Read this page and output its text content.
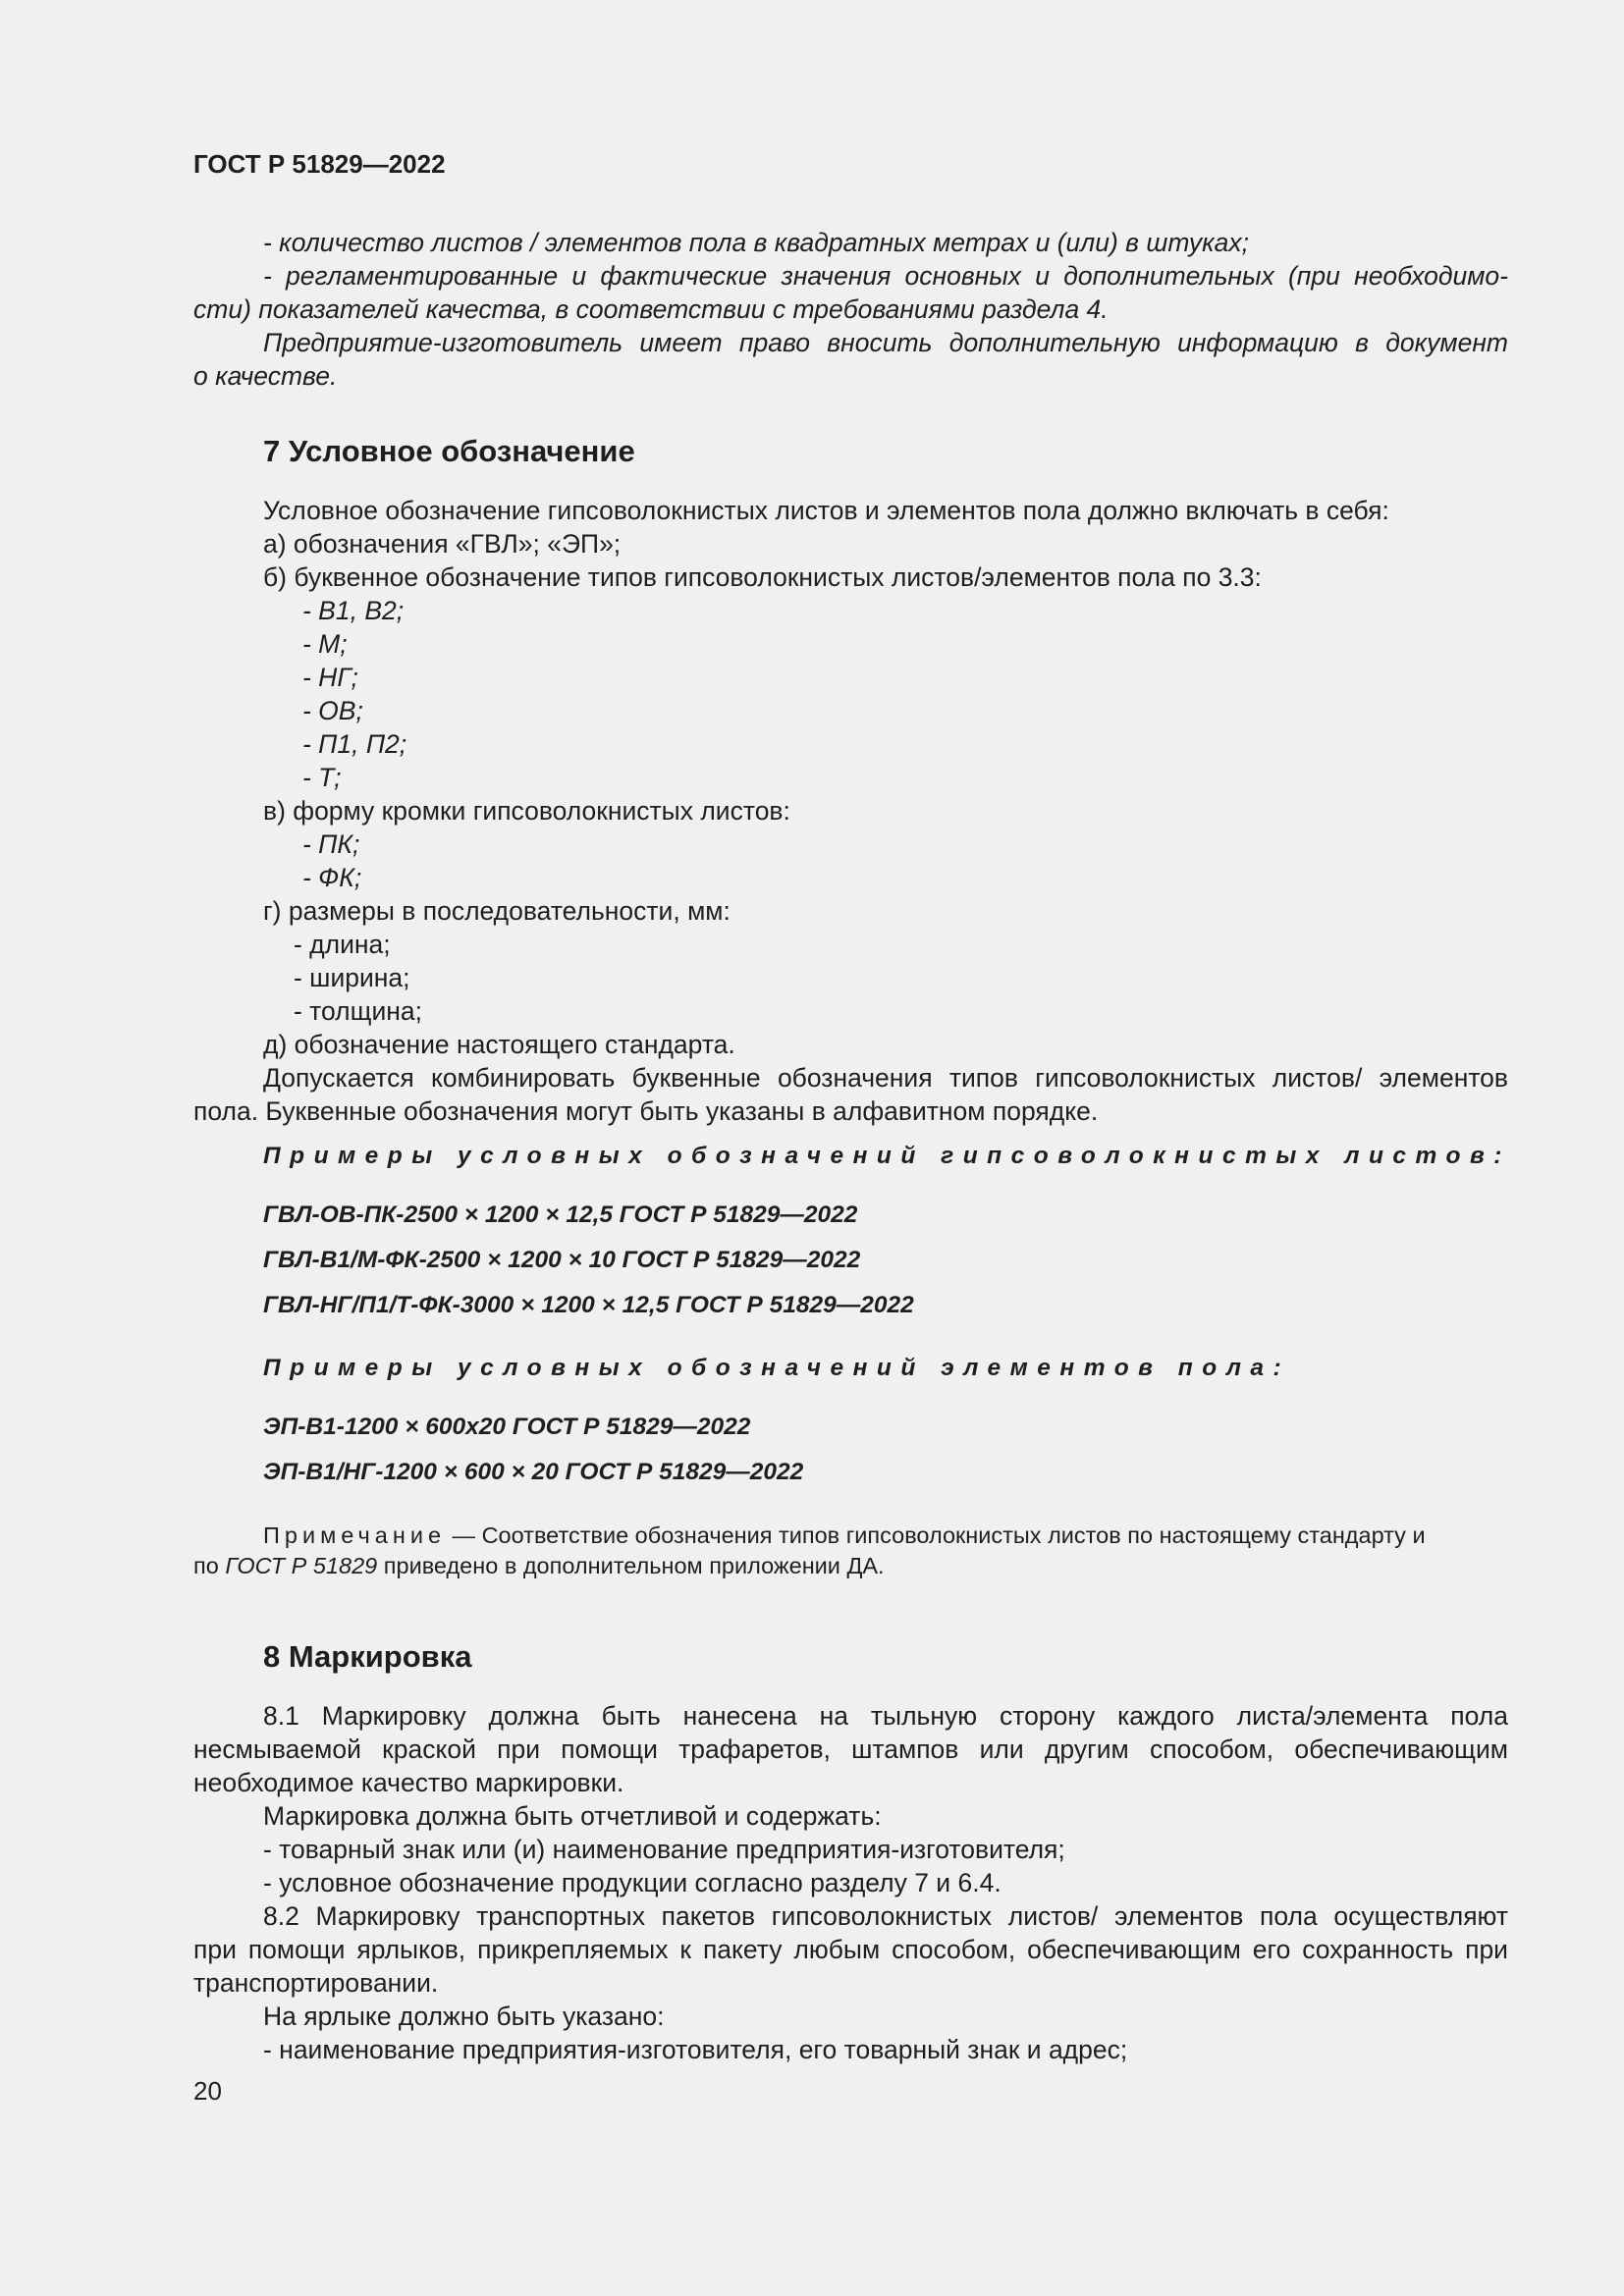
ГОСТ Р 51829—2022
- количество листов / элементов пола в квадратных метрах и (или) в штуках;
- регламентированные и фактические значения основных и дополнительных (при необходимо-
сти) показателей качества, в соответствии с требованиями раздела 4.
Предприятие-изготовитель имеет право вносить дополнительную информацию в документ
о качестве.
7 Условное обозначение
Условное обозначение гипсоволокнистых листов и элементов пола должно включать в себя:
а) обозначения «ГВЛ»; «ЭП»;
б) буквенное обозначение типов гипсоволокнистых листов/элементов пола по 3.3:
- В1, В2;
- М;
- НГ;
- ОВ;
- П1, П2;
- Т;
в) форму кромки гипсоволокнистых листов:
- ПК;
- ФК;
г) размеры в последовательности, мм:
- длина;
- ширина;
- толщина;
д) обозначение настоящего стандарта.
Допускается комбинировать буквенные обозначения типов гипсоволокнистых листов/ элементов
пола. Буквенные обозначения могут быть указаны в алфавитном порядке.
Примеры условных обозначений гипсоволокнистых листов:
ГВЛ-ОВ-ПК-2500 × 1200 × 12,5 ГОСТ Р 51829—2022
ГВЛ-В1/М-ФК-2500 × 1200 × 10 ГОСТ Р 51829—2022
ГВЛ-НГ/П1/Т-ФК-3000 × 1200 × 12,5 ГОСТ Р 51829—2022
Примеры условных обозначений элементов пола:
ЭП-В1-1200 × 600х20 ГОСТ Р 51829—2022
ЭП-В1/НГ-1200 × 600 × 20 ГОСТ Р 51829—2022
Примечание — Соответствие обозначения типов гипсоволокнистых листов по настоящему стандарту и
по ГОСТ Р 51829 приведено в дополнительном приложении ДА.
8 Маркировка
8.1 Маркировку должна быть нанесена на тыльную сторону каждого листа/элемента пола
несмываемой краской при помощи трафаретов, штампов или другим способом, обеспечивающим
необходимое качество маркировки.
Маркировка должна быть отчетливой и содержать:
- товарный знак или (и) наименование предприятия-изготовителя;
- условное обозначение продукции согласно разделу 7 и 6.4.
8.2 Маркировку транспортных пакетов гипсоволокнистых листов/ элементов пола осуществляют
при помощи ярлыков, прикрепляемых к пакету любым способом, обеспечивающим его сохранность при
транспортировании.
На ярлыке должно быть указано:
- наименование предприятия-изготовителя, его товарный знак и адрес;
20
